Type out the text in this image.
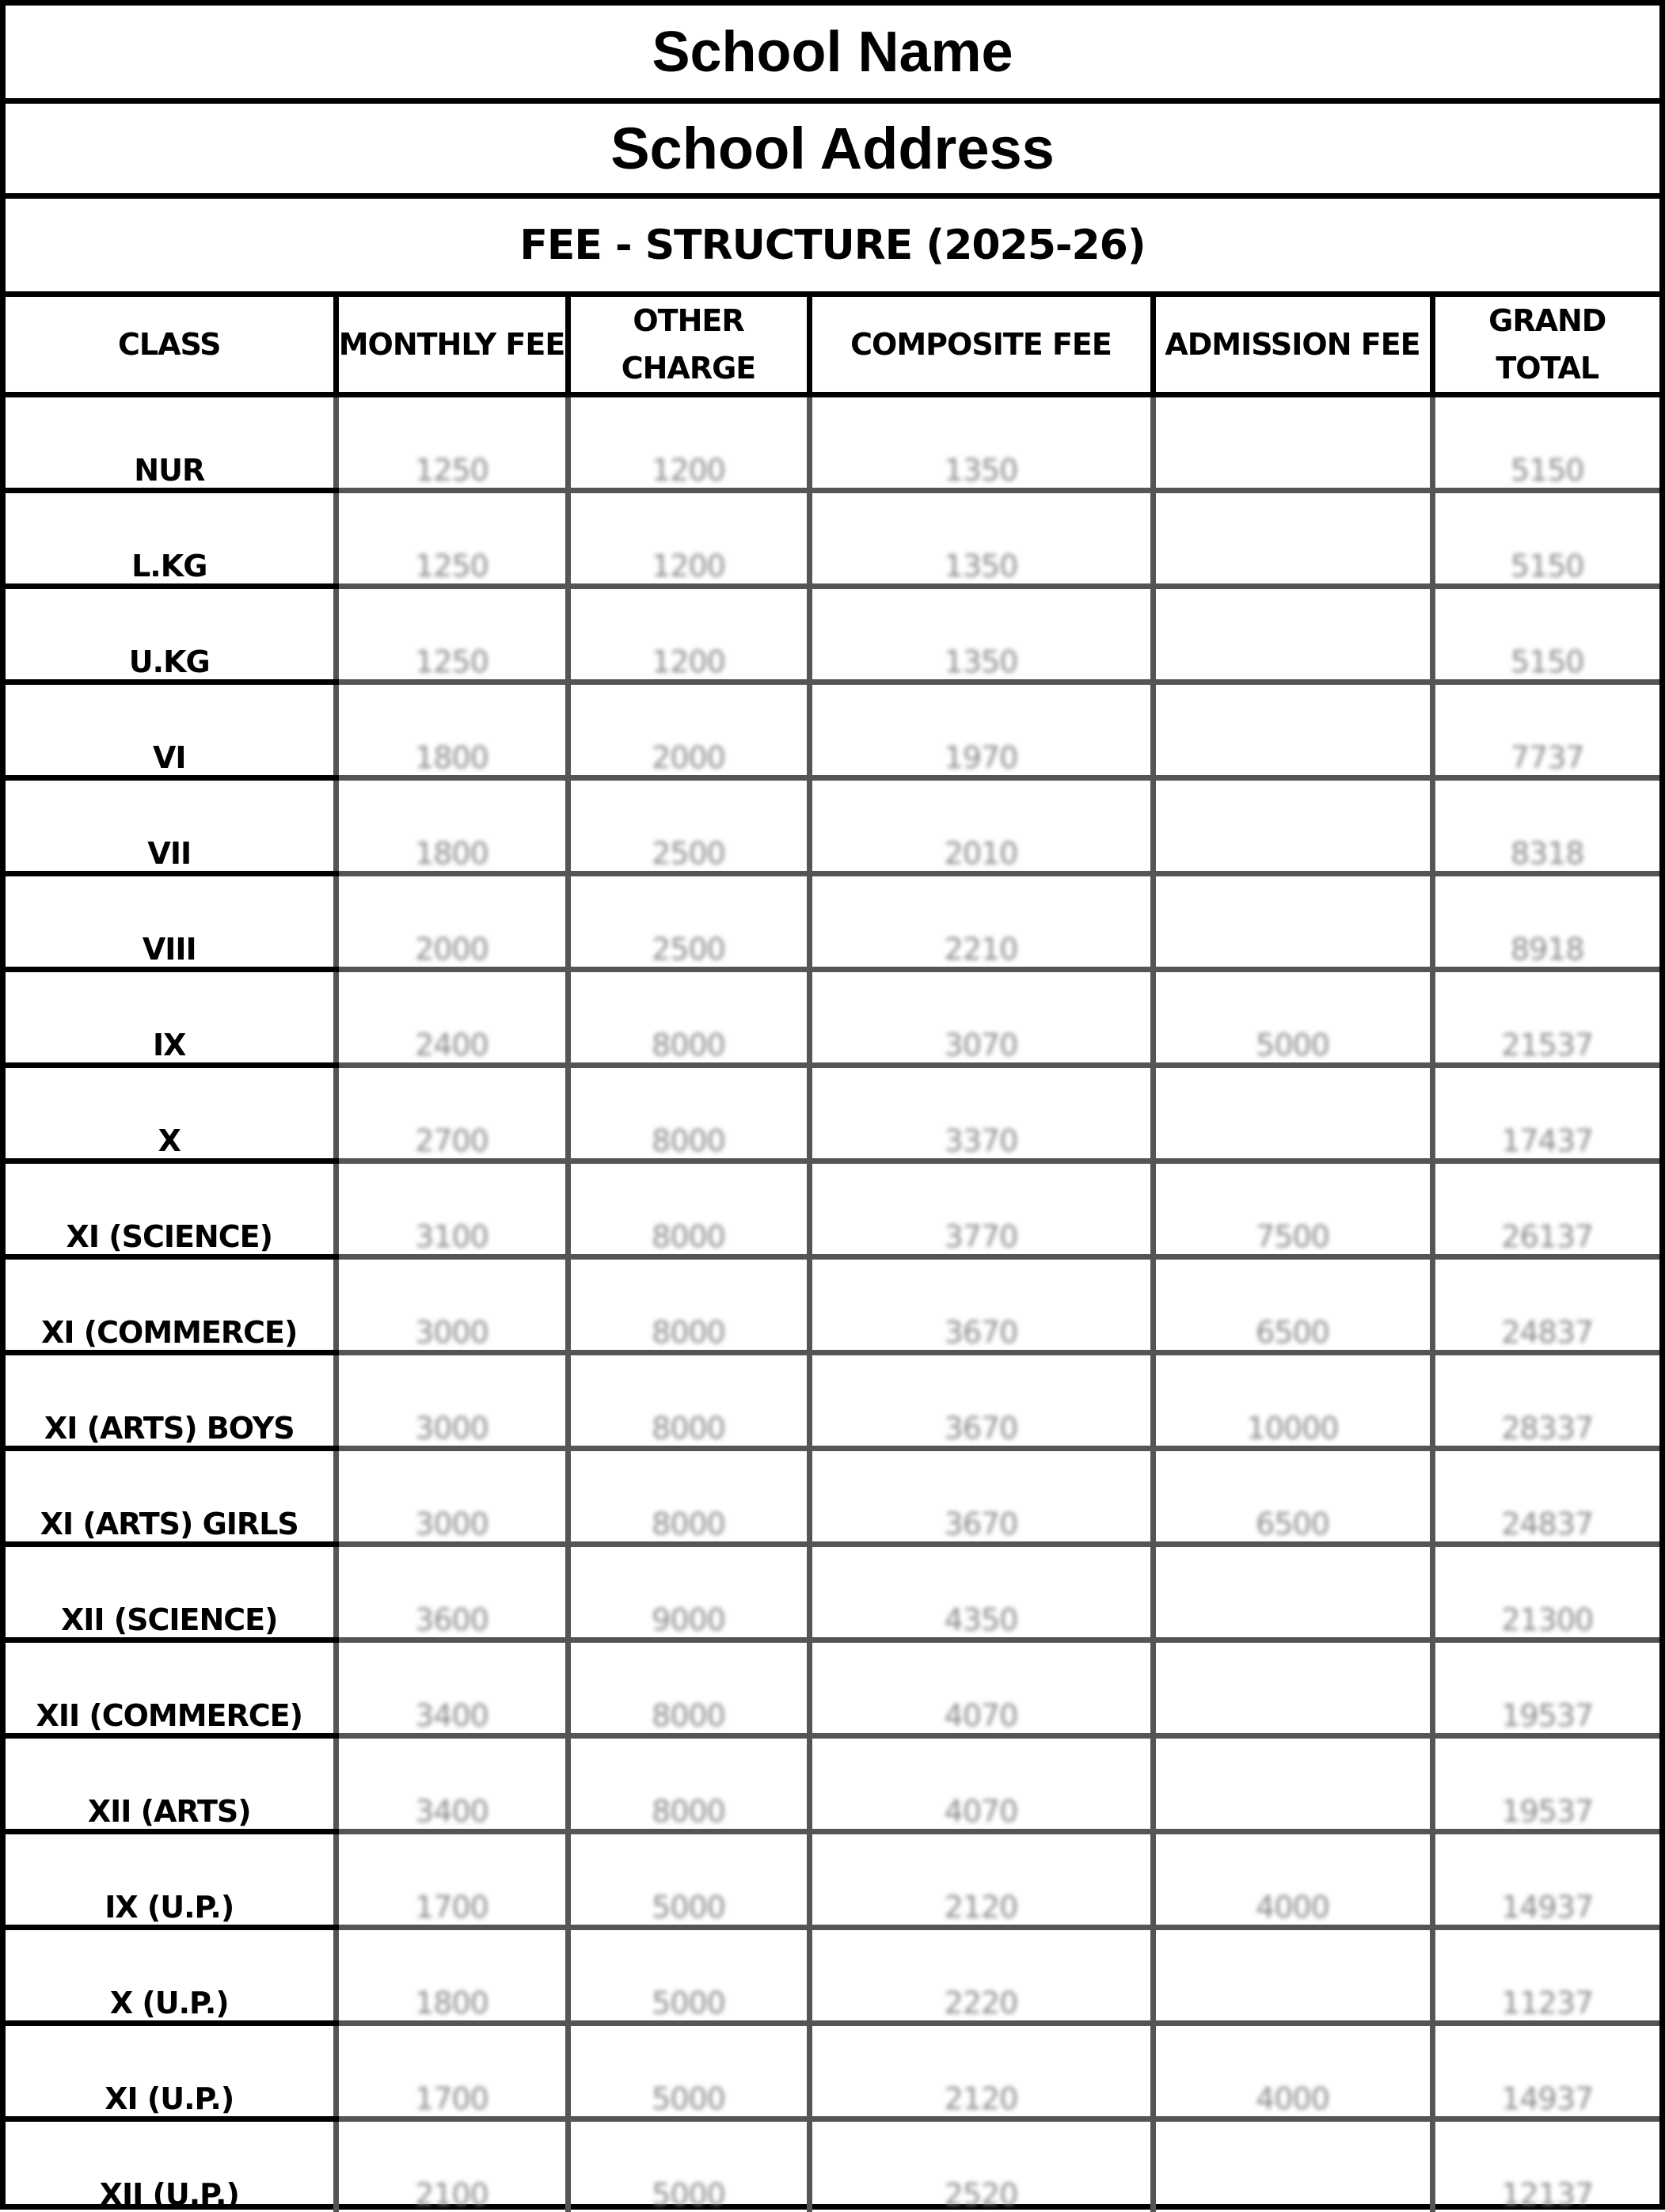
School Name
School Address
FEE - STRUCTURE (2025-26)
CLASS	MONTHLY FEE	OTHER CHARGE	COMPOSITE FEE	ADMISSION FEE	GRAND TOTAL
NUR	1250	1200	1350		5150
L.KG	1250	1200	1350		5150
U.KG	1250	1200	1350		5150
VI	1800	2000	1970		7737
VII	1800	2500	2010		8318
VIII	2000	2500	2210		8918
IX	2400	8000	3070	5000	21537
X	2700	8000	3370		17437
XI (SCIENCE)	3100	8000	3770	7500	26137
XI (COMMERCE)	3000	8000	3670	6500	24837
XI (ARTS) BOYS	3000	8000	3670	10000	28337
XI (ARTS) GIRLS	3000	8000	3670	6500	24837
XII (SCIENCE)	3600	9000	4350		21300
XII (COMMERCE)	3400	8000	4070		19537
XII (ARTS)	3400	8000	4070		19537
IX (U.P.)	1700	5000	2120	4000	14937
X (U.P.)	1800	5000	2220		11237
XI (U.P.)	1700	5000	2120	4000	14937
XII (U.P.)	2100	5000	2520		12137
